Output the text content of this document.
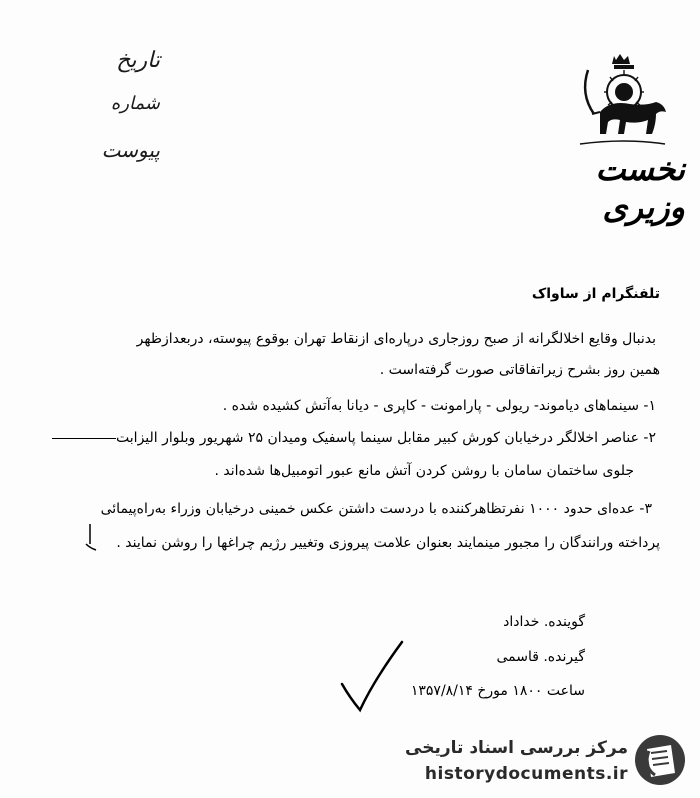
تاریخ
شماره
پیوست	نخست وزیری
تلفنگرام از ساواک
بدنبال وقایع اخلالگرانه از صبح روزجاری درپاره‌ای ازنقاط تهران بوقوع پیوسته، دربعدازظهر
همین روز بشرح زیراتفاقاتی صورت گرفته‌است .
۱- سینماهای دیاموند- ریولی - پارامونت - کاپری - دیانا به‌آتش کشیده شده .
۲- عناصر اخلالگر درخیابان کورش کبیر مقابل سینما پاسفیک ومیدان ۲۵ شهریور وبلوار الیزابت
جلوی ساختمان سامان با روشن کردن آتش مانع عبور اتومبیل‌ها شده‌اند .
۳- عده‌ای حدود ۱۰۰۰ نفرتظاهرکننده با دردست داشتن عکس خمینی درخیابان وزراء به‌راه‌پیمائی
پرداخته ورانندگان را مجبور مینمایند بعنوان علامت پیروزی وتغییر رژیم چراغها را روشن نمایند .
گوینده. خداداد
گیرنده. قاسمی
ساعت ۱۸۰۰ مورخ ۱۳۵۷/۸/۱۴
مرکز بررسی اسناد تاریخی
historydocuments.ir
